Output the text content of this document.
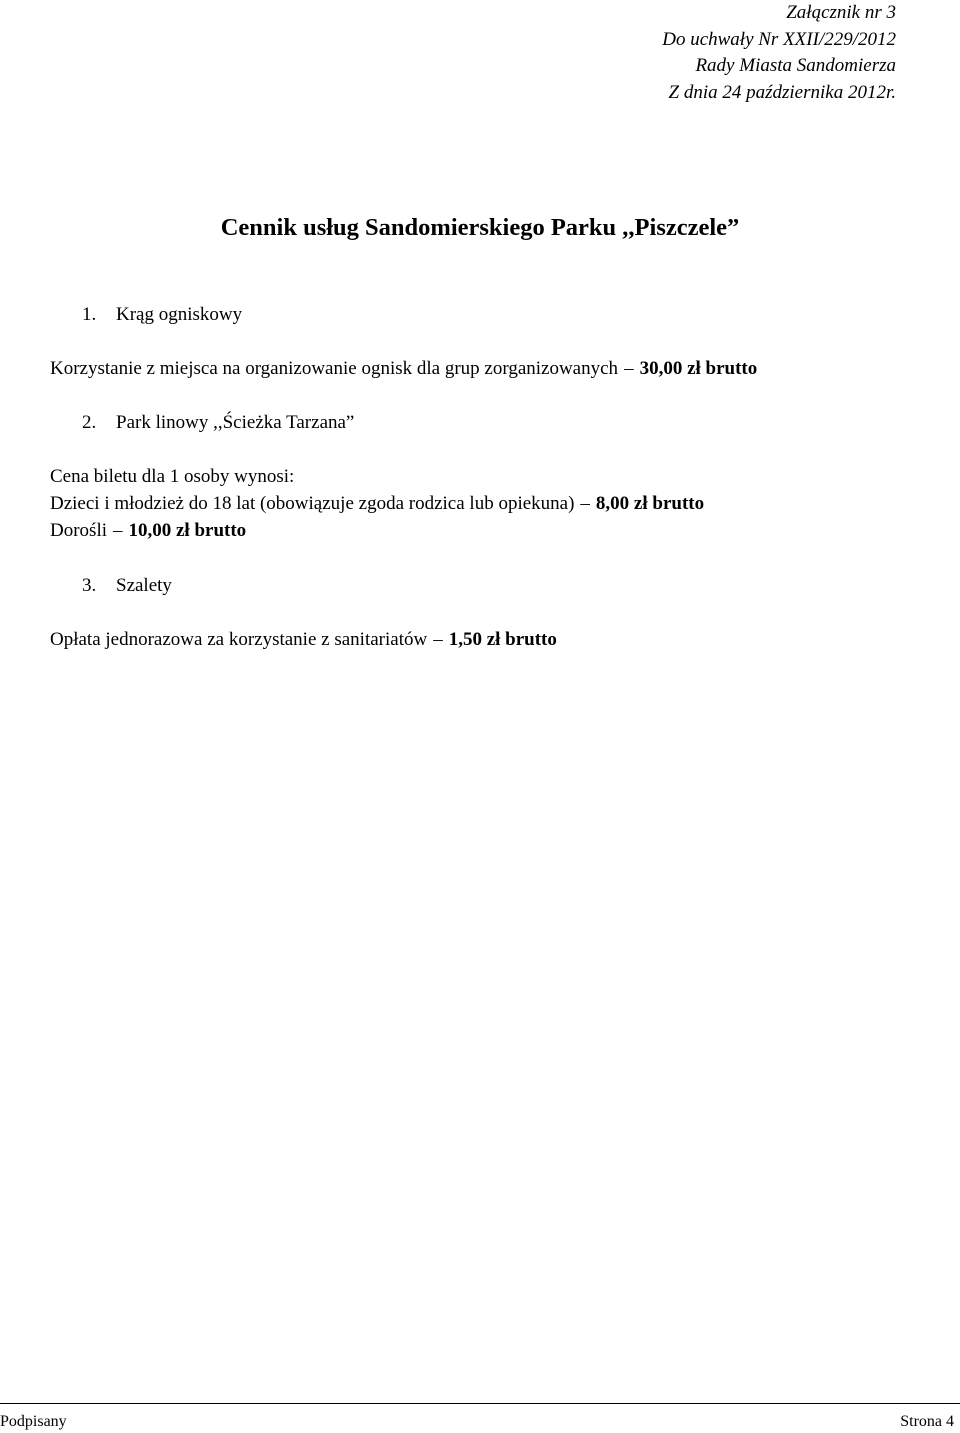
Załącznik nr 3
Do uchwały Nr XXII/229/2012
Rady Miasta Sandomierza
Z dnia 24 października 2012r.
Cennik usług Sandomierskiego Parku ,,Piszczele”
1. Krąg ogniskowy
Korzystanie z miejsca na organizowanie ognisk dla grup zorganizowanych – 30,00 zł brutto
2. Park linowy ,,Ścieżka Tarzana”
Cena biletu dla 1 osoby wynosi:
Dzieci i młodzież do 18 lat (obowiązuje zgoda rodzica lub opiekuna) – 8,00 zł brutto
Dorośli – 10,00 zł brutto
3. Szalety
Opłata jednorazowa za korzystanie z sanitariatów – 1,50 zł brutto
Podpisany	Strona 4
